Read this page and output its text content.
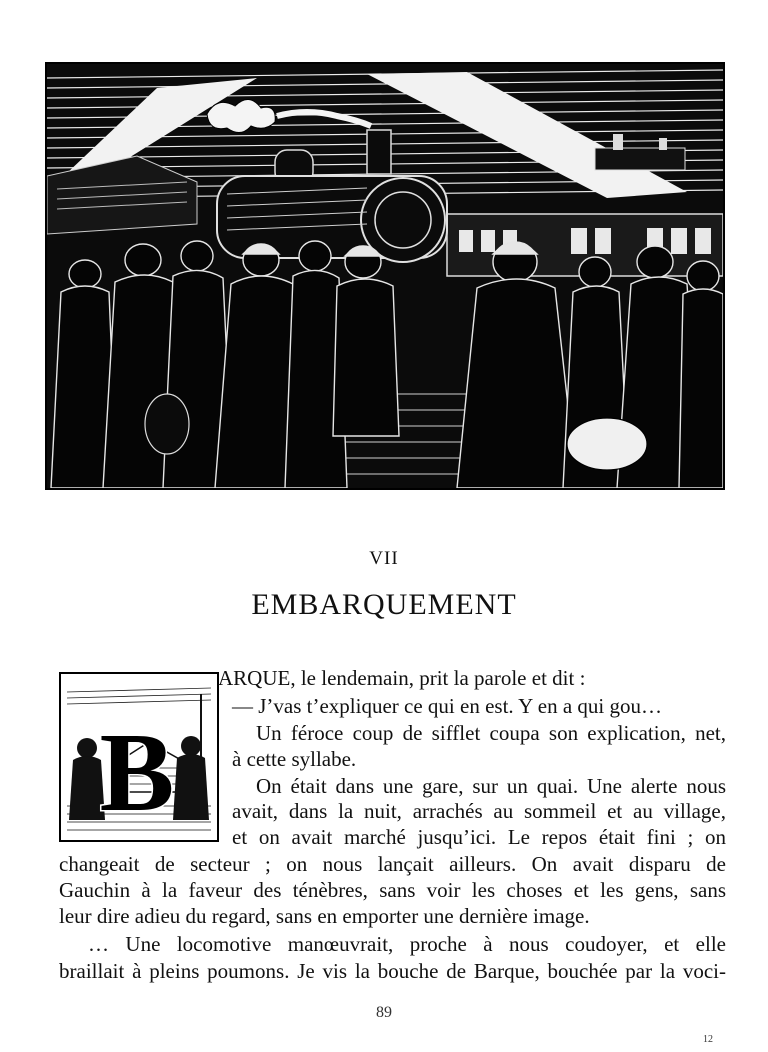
VII
EMBARQUEMENT
B
ARQUE, le lendemain, prit la parole et dit :
— J’vas t’expliquer ce qui en est. Y en a qui gou…
Un féroce coup de sifflet coupa son explication, net,
à cette syllabe.
On était dans une gare, sur un quai. Une alerte nous
avait, dans la nuit, arrachés au sommeil et au village,
et on avait marché jusqu’ici. Le repos était fini ; on
changeait de secteur ; on nous lançait ailleurs. On avait disparu de
Gauchin à la faveur des ténèbres, sans voir les choses et les gens, sans
leur dire adieu du regard, sans en emporter une dernière image.
… Une locomotive manœuvrait, proche à nous coudoyer, et elle
braillait à pleins poumons. Je vis la bouche de Barque, bouchée par la voci-
89
12
